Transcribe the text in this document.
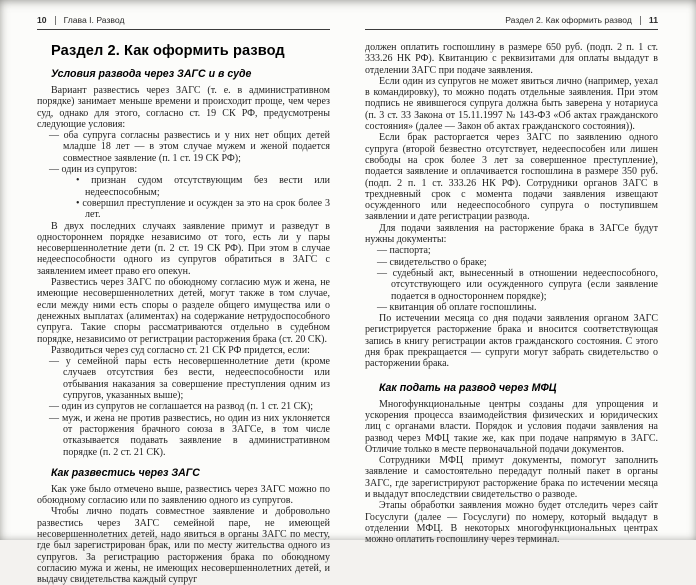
10 Глава I. Развод
Раздел 2. Как оформить развод
Условия развода через ЗАГС и в суде

Вариант развестись через ЗАГС (т. е. в административном порядке) занимает меньше времени и происходит проще, чем через суд, однако для этого, согласно ст. 19 СК РФ, предусмотрены следующие условия:

— оба супруга согласны развестись и у них нет общих детей младше 18 лет — в этом случае мужем и женой подается совместное заявление (п. 1 ст. 19 СК РФ);
— один из супругов:
• признан судом отсутствующим без вести или недееспособным;
• совершил преступление и осужден за это на срок более 3 лет.

В двух последних случаях заявление примут и разведут в одностороннем порядке независимо от того, есть ли у пары несовершеннолетние дети (п. 2 ст. 19 СК РФ). При этом в случае недееспособности одного из супругов обратиться в ЗАГС с заявлением имеет право его опекун.

Развестись через ЗАГС по обоюдному согласию муж и жена, не имеющие несовершеннолетних детей, могут также в том случае, если между ними есть споры о разделе общего имущества или о денежных выплатах (алиментах) на содержание нетрудоспособного супруга. Такие споры рассматриваются отдельно в судебном порядке, независимо от регистрации расторжения брака (ст. 20 СК).

Разводиться через суд согласно ст. 21 СК РФ придется, если:

— у семейной пары есть несовершеннолетние дети (кроме случаев отсутствия без вести, недееспособности или отбывания наказания за совершение преступления одним из супругов, указанных выше);
— один из супругов не соглашается на развод (п. 1 ст. 21 СК);
— муж, и жена не против развестись, но один из них уклоняется от расторжения брачного союза в ЗАГСе, в том числе отказывается подавать заявление в административном порядке (п. 2 ст. 21 СК).
Как развестись через ЗАГС

Как уже было отмечено выше, развестись через ЗАГС можно по обоюдному согласию или по заявлению одного из супругов.

Чтобы лично подать совместное заявление и добровольно развестись через ЗАГС семейной паре, не имеющей несовершеннолетних детей, надо явиться в органы ЗАГС по месту, где был зарегистрирован брак, или по месту жительства одного из супругов. За регистрацию расторжения брака по обоюдному согласию мужа и жены, не имеющих несовершеннолетних детей, и выдачу свидетельства каждый супруг

Раздел 2. Как оформить развод 11

должен оплатить госпошлину в размере 650 руб. (подп. 2 п. 1 ст. 333.26 НК РФ). Квитанцию с реквизитами для оплаты выдадут в отделении ЗАГС при подаче заявления.

Если один из супругов не может явиться лично (например, уехал в командировку), то можно подать отдельные заявления. При этом подпись не явившегося супруга должна быть заверена у нотариуса (п. 3 ст. 33 Закона от 15.11.1997 № 143-ФЗ «Об актах гражданского состояния» (далее — Закон об актах гражданского состояния)).

Если брак расторгается через ЗАГС по заявлению одного супруга (второй безвестно отсутствует, недееспособен или лишен свободы на срок более 3 лет за совершенное преступление), подается заявление и оплачивается госпошлина в размере 350 руб. (подп. 2 п. 1 ст. 333.26 НК РФ). Сотрудники органов ЗАГС в трехдневный срок с момента подачи заявления извещают осужденного или недееспособного супруга о поступившем заявлении и дате регистрации развода.

Для подачи заявления на расторжение брака в ЗАГСе будут нужны документы:

— паспорта;
— свидетельство о браке;
— судебный акт, вынесенный в отношении недееспособного, отсутствующего или осужденного супруга (если заявление подается в одностороннем порядке);
— квитанция об оплате госпошлины.

По истечении месяца со дня подачи заявления органом ЗАГС регистрируется расторжение брака и вносится соответствующая запись в книгу регистрации актов гражданского состояния. С этого дня брак прекращается — супруги могут забрать свидетельство о расторжении брака.

Как подать на развод через МФЦ

Многофункциональные центры созданы для упрощения и ускорения процесса взаимодействия физических и юридических лиц с органами власти. Порядок и условия подачи заявления на развод через МФЦ такие же, как при подаче напрямую в ЗАГС. Отличие только в месте первоначальной подачи документов.

Сотрудники МФЦ примут документы, помогут заполнить заявление и самостоятельно передадут полный пакет в органы ЗАГС, где зарегистрируют расторжение брака по истечении месяца и выдадут впоследствии свидетельство о разводе.

Этапы обработки заявления можно будет отследить через сайт Госуслуги (далее — Госуслуги) по номеру, который выдадут в отделении МФЦ. В некоторых многофункциональных центрах можно оплатить госпошлину через терминал.
